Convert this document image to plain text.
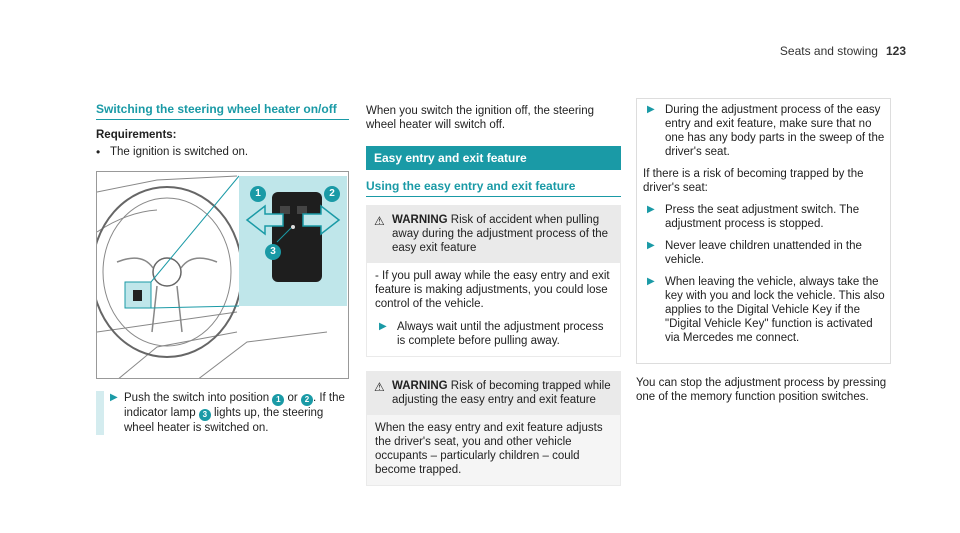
Seats and stowing 123
Switching the steering wheel heater on/off
Requirements:
• The ignition is switched on.
1	2
3
▶ Push the switch into position 1 or 2 . If the indicator lamp 3 lights up, the steering wheel heater is switched on.
When you switch the ignition off, the steering wheel heater will switch off.
Easy entry and exit feature
Using the easy entry and exit feature
⚠ WARNING Risk of accident when pulling away during the adjustment process of the easy exit feature
- If you pull away while the easy entry and exit feature is making adjustments, you could lose control of the vehicle.
▶ Always wait until the adjustment process is complete before pulling away.
⚠ WARNING Risk of becoming trapped while adjusting the easy entry and exit feature
When the easy entry and exit feature adjusts the driver's seat, you and other vehicle occupants – particularly children – could become trapped.
▶ During the adjustment process of the easy entry and exit feature, make sure that no one has any body parts in the sweep of the driver's seat.
If there is a risk of becoming trapped by the driver's seat:
▶ Press the seat adjustment switch. The adjustment process is stopped.
▶ Never leave children unattended in the vehicle.
▶ When leaving the vehicle, always take the key with you and lock the vehicle. This also applies to the Digital Vehicle Key if the "Digital Vehicle Key" function is activated via Mercedes me connect.
You can stop the adjustment process by pressing one of the memory function position switches.
